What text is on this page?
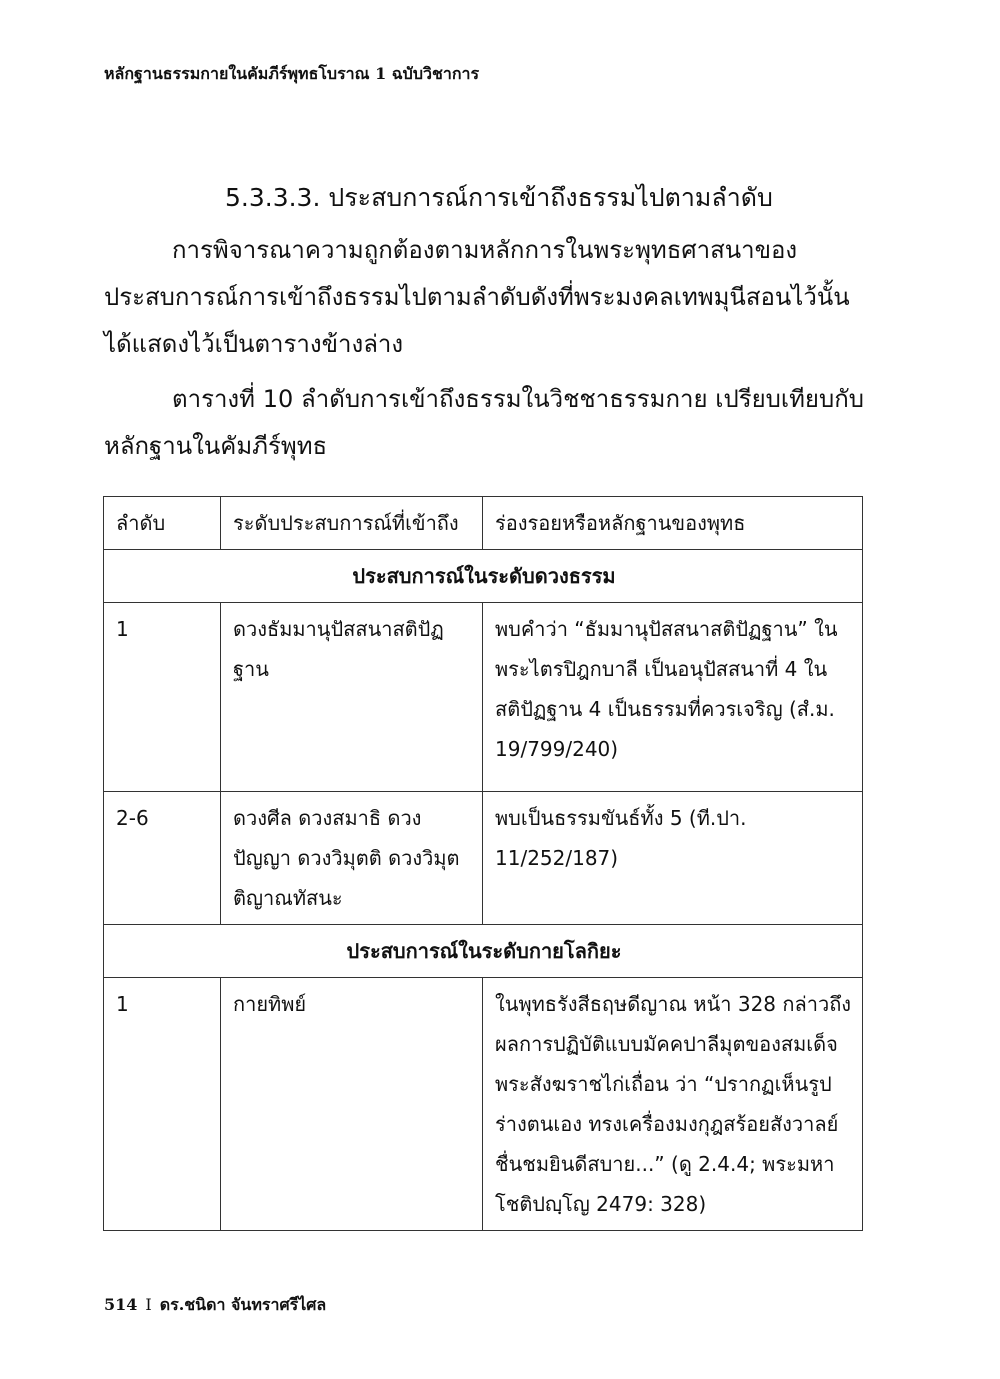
หลักฐานธรรมกายในคัมภีร์พุทธโบราณ 1 ฉบับวิชาการ
5.3.3.3. ประสบการณ์การเข้าถึงธรรมไปตามลำดับ

การพิจารณาความถูกต้องตามหลักการในพระพุทธศาสนาของประสบการณ์การเข้าถึงธรรมไปตามลำดับดังที่พระมงคลเทพมุนีสอนไว้นั้น ได้แสดงไว้เป็นตารางข้างล่าง

ตารางที่ 10 ลำดับการเข้าถึงธรรมในวิชชาธรรมกาย เปรียบเทียบกับหลักฐานในคัมภีร์พุทธ

ลำดับ	ระดับประสบการณ์ที่เข้าถึง	ร่องรอยหรือหลักฐานของพุทธ
ประสบการณ์ในระดับดวงธรรม		
1	ดวงธัมมานุปัสสนาสติปัฏฐาน	พบคำว่า “ธัมมานุปัสสนาสติปัฏฐาน” ในพระไตรปิฎกบาลี เป็นอนุปัสสนาที่ 4 ในสติปัฏฐาน 4 เป็นธรรมที่ควรเจริญ (สํ.ม. 19/799/240)
2-6	ดวงศีล ดวงสมาธิ ดวงปัญญา ดวงวิมุตติ ดวงวิมุตติญาณทัสนะ	พบเป็นธรรมขันธ์ทั้ง 5 (ที.ปา. 11/252/187)
ประสบการณ์ในระดับกายโลกิยะ		
1	กายทิพย์	ในพุทธรังสีธฤษดีญาณ หน้า 328 กล่าวถึงผลการปฏิบัติแบบมัคคปาลีมุตของสมเด็จพระสังฆราชไก่เถื่อน ว่า “ปรากฏเห็นรูปร่างตนเอง ทรงเครื่องมงกุฎสร้อยสังวาลย์ ชื่นชมยินดีสบาย...” (ดู 2.4.4; พระมหาโชติปญฺโญ 2479: 328)
514 I ดร.ชนิดา จันทราศรีไศล
